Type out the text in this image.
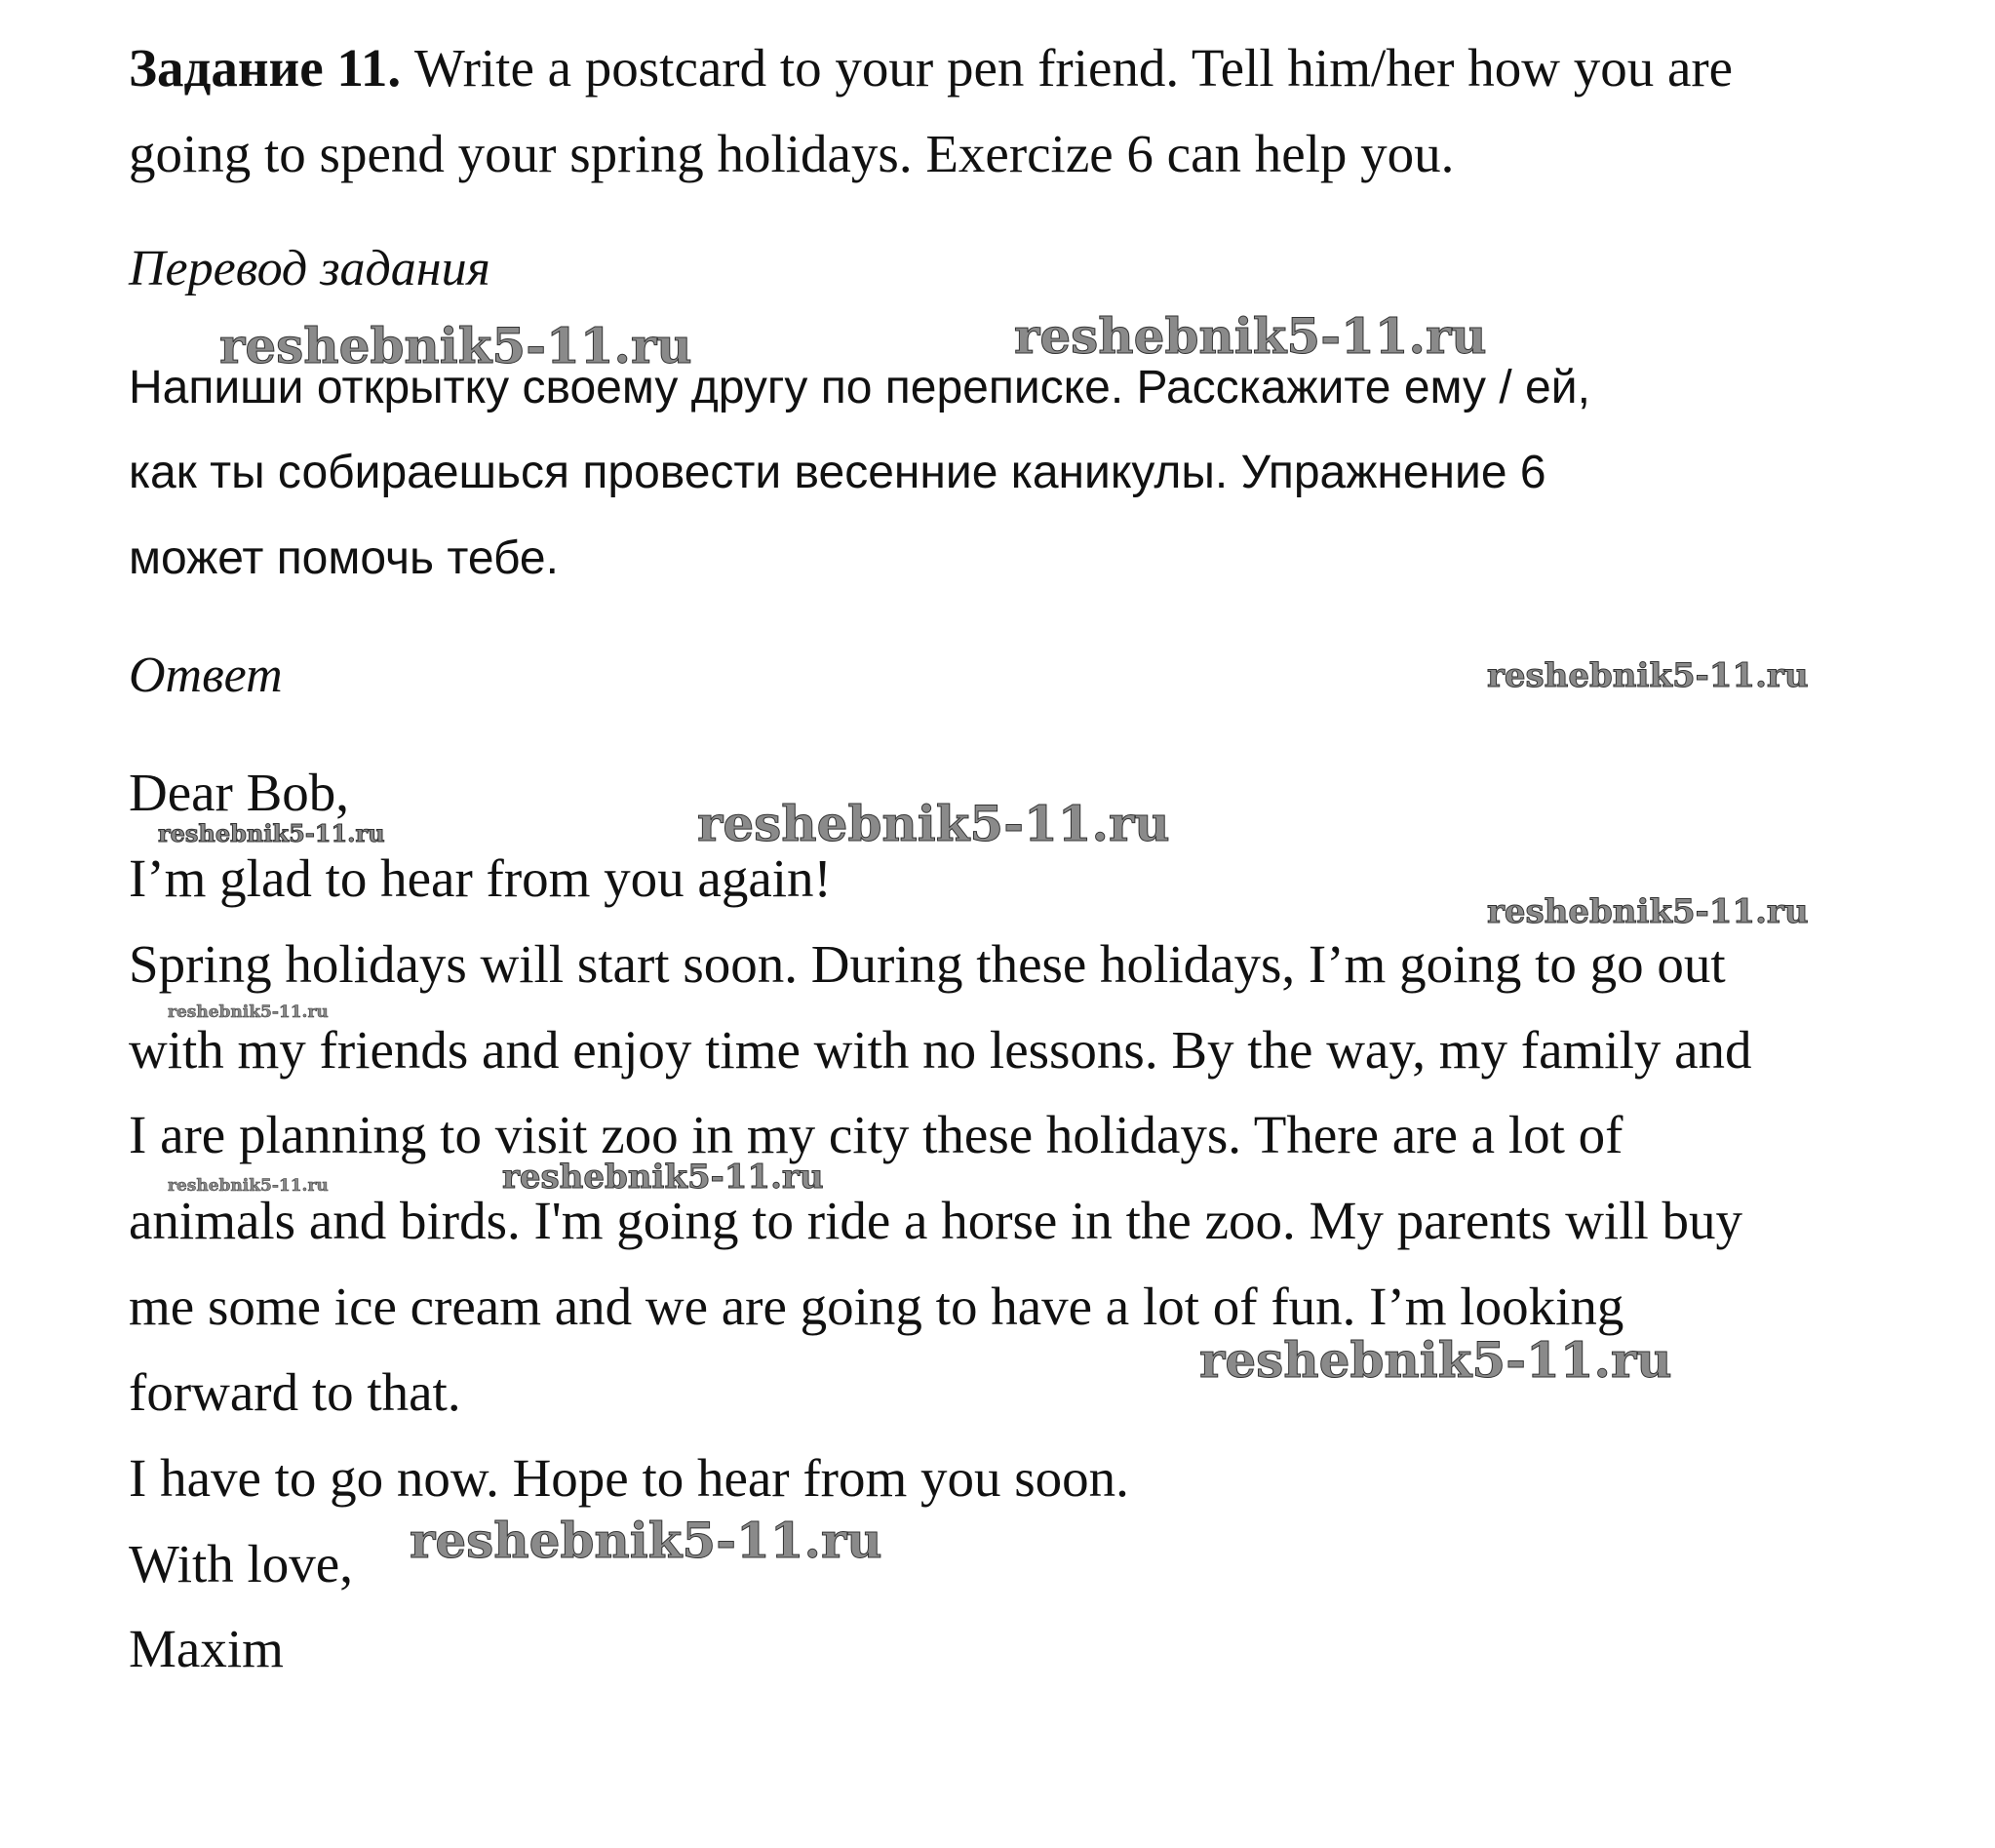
Задание 11. Write a postcard to your pen friend. Tell him/her how you are
going to spend your spring holidays. Exercize 6 can help you.
Перевод задания
Напиши открытку своему другу по переписке. Расскажите ему / ей,
как ты собираешься провести весенние каникулы. Упражнение 6
может помочь тебе.
Ответ
Dear Bob,
I’m glad to hear from you again!
Spring holidays will start soon. During these holidays, I’m going to go out
with my friends and enjoy time with no lessons. By the way, my family and
I are planning to visit zoo in my city these holidays. There are a lot of
animals and birds. I'm going to ride a horse in the zoo. My parents will buy
me some ice cream and we are going to have a lot of fun. I’m looking
forward to that.
I have to go now. Hope to hear from you soon.
With love,
Maxim
reshebnik5-11.ru	reshebnik5-11.ru
reshebnik5-11.ru
reshebnik5-11.ru
reshebnik5-11.ru
reshebnik5-11.ru
reshebnik5-11.ru
reshebnik5-11.ru	reshebnik5-11.ru
reshebnik5-11.ru
reshebnik5-11.ru
